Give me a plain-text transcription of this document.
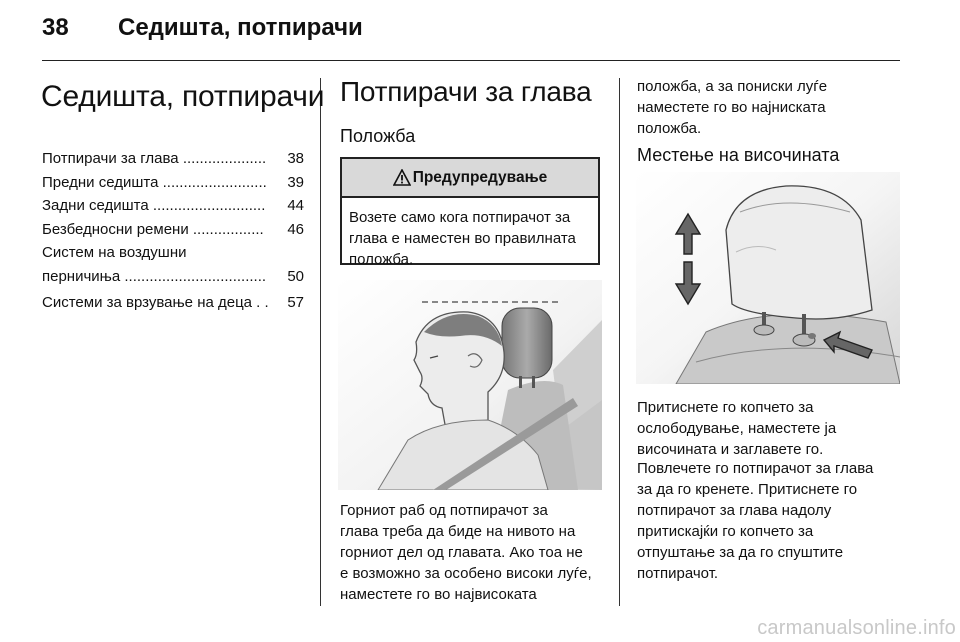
38 Седишта, потпирачи
Седишта, потпирачи
Потпирачи за глава .................... 38
Предни седишта ......................... 39
Задни седишта ........................... 44
Безбедносни ремени ................. 46
Систем на воздушни
перничиња .................................. 50
Системи за врзување на деца . . 57
Потпирачи за глава
Положба
Предупредување
Возете само кога потпирачот за
глава е наместен во правилната
положба.
Горниот раб од потпирачот за
глава треба да биде на нивото на
горниот дел од главата. Ако тоа не
е возможно за особено високи луѓе,
наместете го во највисоката
положба, а за пониски луѓе
наместете го во најниската
положба.
Местење на височината
Притиснете го копчето за
ослободување, наместете ја
височината и заглавете го.
Повлечете го потпирачот за глава
за да го кренете. Притиснете го
потпирачот за глава надолу
притискајќи го копчето за
отпуштање за да го спуштите
потпирачот.
carmanualsonline.info
